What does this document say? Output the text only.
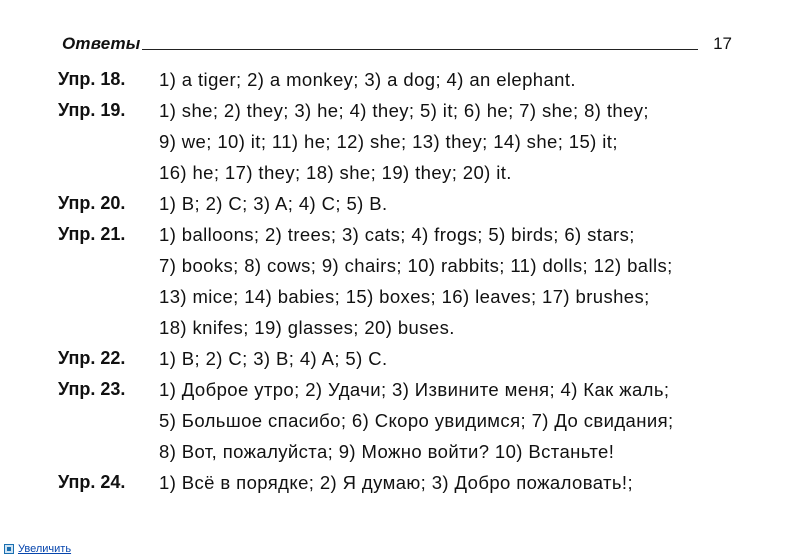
Ответы	17
Упр. 18.	1) a tiger; 2) a monkey; 3) a dog; 4) an elephant.
Упр. 19.	1) she; 2) they; 3) he; 4) they; 5) it; 6) he; 7) she; 8) they;
9) we; 10) it; 11) he; 12) she; 13) they; 14) she; 15) it;
16) he; 17) they; 18) she; 19) they; 20) it.
Упр. 20.	1) B; 2) C; 3) A; 4) C; 5) B.
Упр. 21.	1) balloons; 2) trees; 3) cats; 4) frogs; 5) birds; 6) stars;
7) books; 8) cows; 9) chairs; 10) rabbits; 11) dolls; 12) balls;
13) mice; 14) babies; 15) boxes; 16) leaves; 17) brushes;
18) knifes; 19) glasses; 20) buses.
Упр. 22.	1) B; 2) C; 3) B; 4) A; 5) C.
Упр. 23.	1) Доброе утро; 2) Удачи; 3) Извините меня; 4) Как жаль;
5) Большое спасибо; 6) Скоро увидимся; 7) До свидания;
8) Вот, пожалуйста; 9) Можно войти? 10) Встаньте!
Упр. 24.	1) Всё в порядке; 2) Я думаю; 3) Добро пожаловать!;
Увеличить
